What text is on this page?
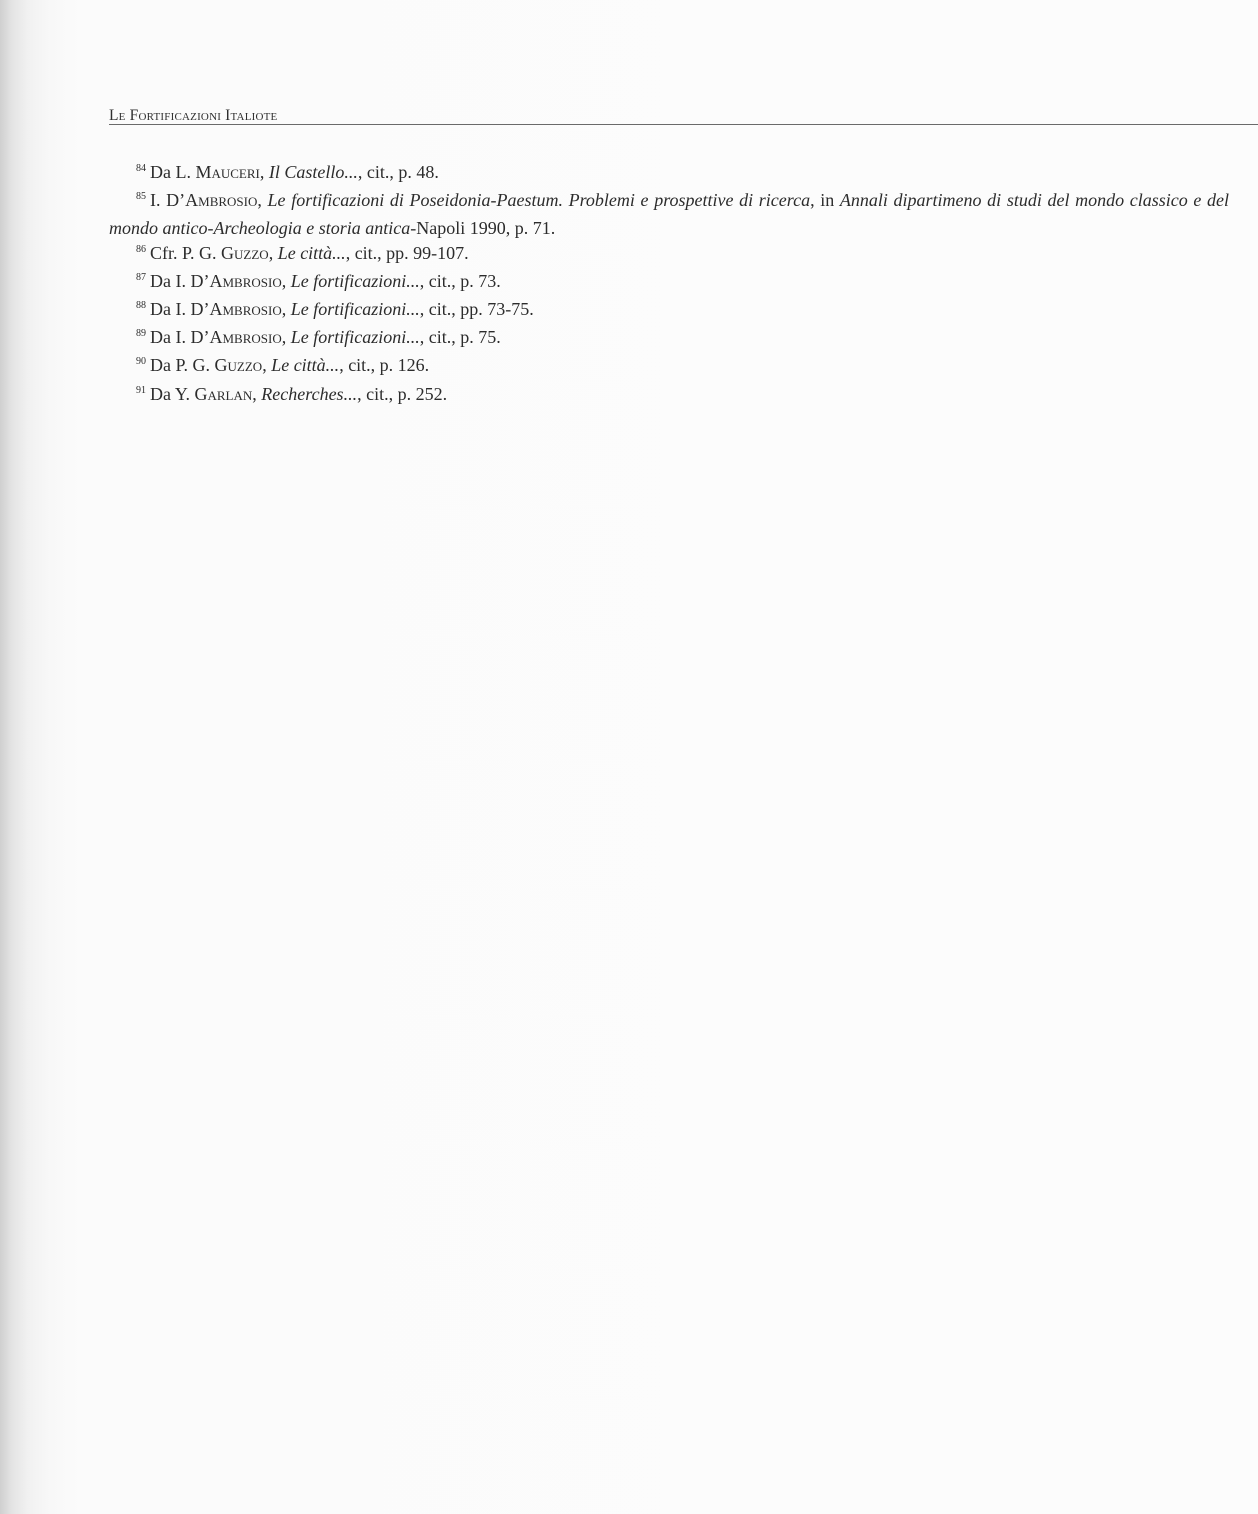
Le Fortificazioni Italiote

$^{84}$ Da L. Mauceri, Il Castello..., cit., p. 48.

$^{85}$ I. D’Ambrosio, Le fortificazioni di Poseidonia-Paestum. Problemi e prospettive di ricerca, in Annali dipartimeno di studi del mondo classico e del mondo antico-Archeologia e storia antica-Napoli 1990, p. 71.

$^{86}$ Cfr. P. G. Guzzo, Le città..., cit., pp. 99-107.

$^{87}$ Da I. D’Ambrosio, Le fortificazioni..., cit., p. 73.

$^{88}$ Da I. D’Ambrosio, Le fortificazioni..., cit., pp. 73-75.

$^{89}$ Da I. D’Ambrosio, Le fortificazioni..., cit., p. 75.

$^{90}$ Da P. G. Guzzo, Le città..., cit., p. 126.

$^{91}$ Da Y. Garlan, Recherches..., cit., p. 252.
